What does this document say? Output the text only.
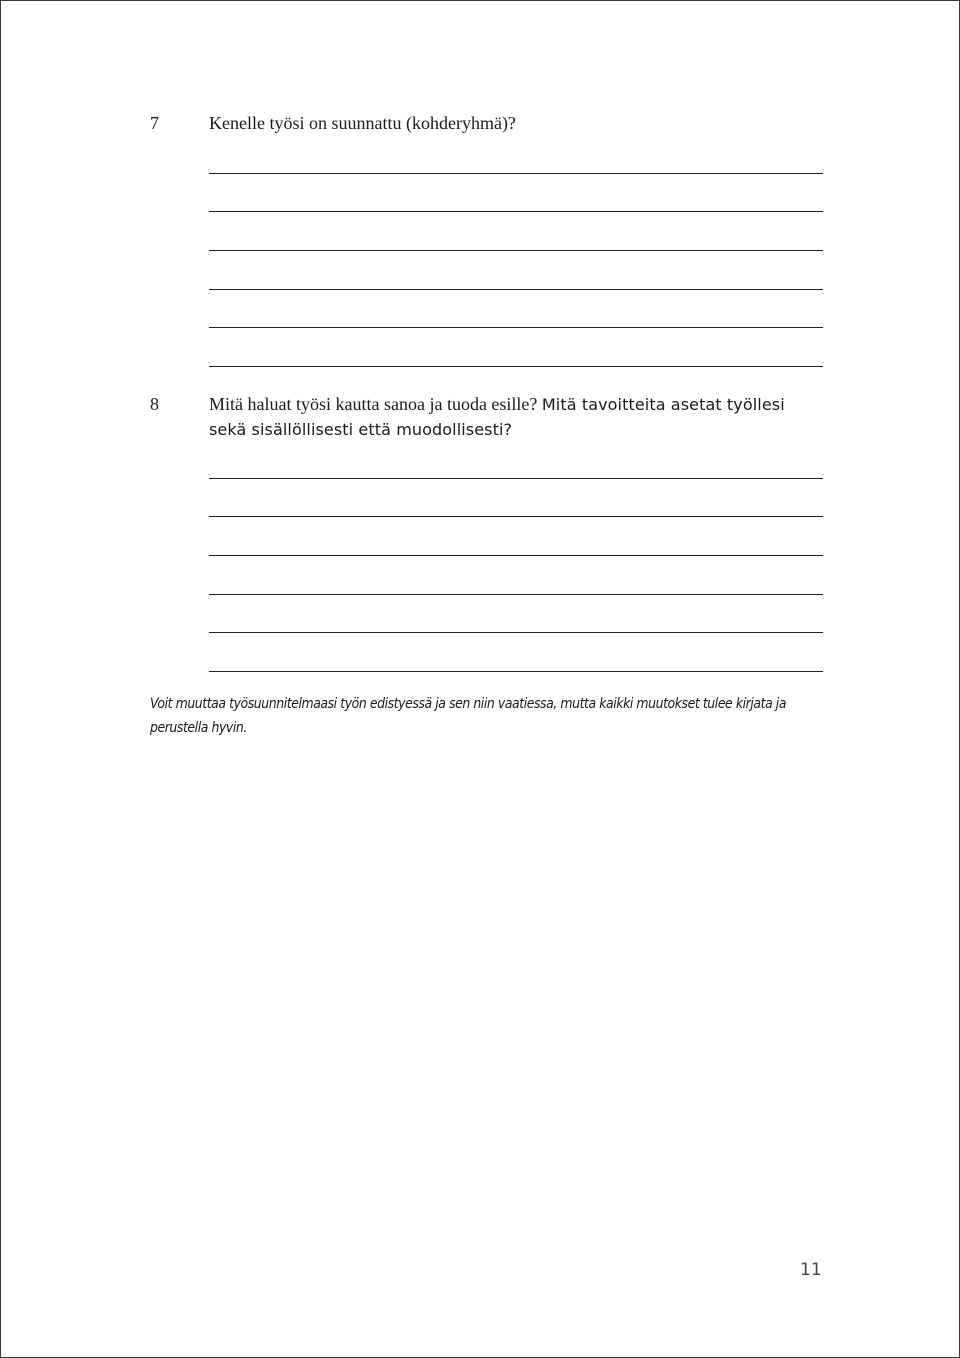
7	Kenelle työsi on suunnattu (kohderyhmä)?
8	Mitä haluat työsi kautta sanoa ja tuoda esille? Mitä tavoitteita asetat työllesi sekä sisällöllisesti että muodollisesti?
Voit muuttaa työsuunnitelmaasi työn edistyessä ja sen niin vaatiessa, mutta kaikki muutokset tulee kirjata ja perustella hyvin.
11
